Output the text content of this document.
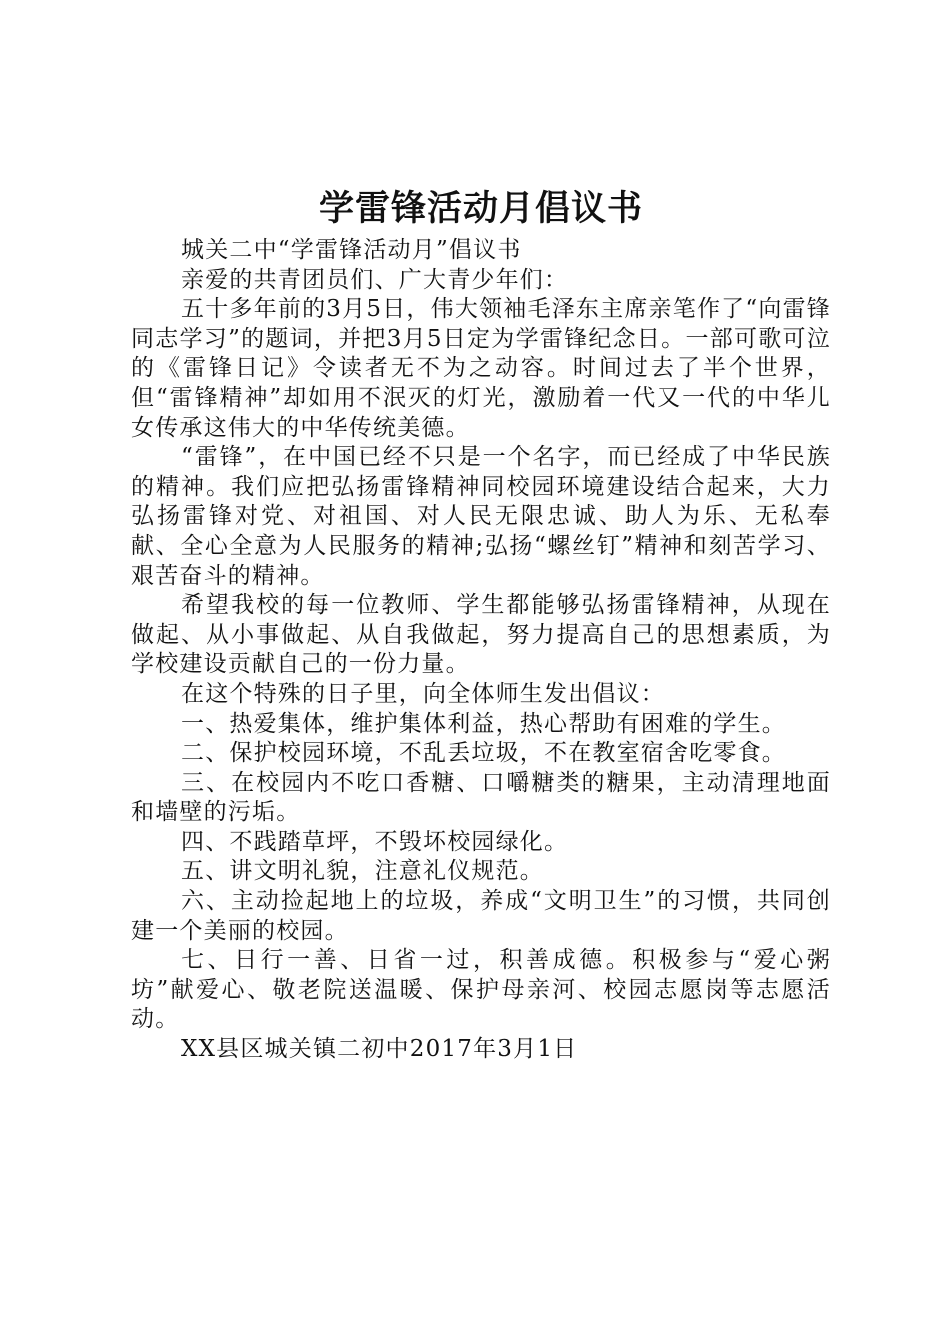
学雷锋活动月倡议书

城关二中“学雷锋活动月”倡议书

亲爱的共青团员们、广大青少年们：

五十多年前的3月5日，伟大领袖毛泽东主席亲笔作了“向雷锋同志学习”的题词，并把3月5日定为学雷锋纪念日。一部可歌可泣的《雷锋日记》令读者无不为之动容。时间过去了半个世界，但“雷锋精神”却如用不泯灭的灯光，激励着一代又一代的中华儿女传承这伟大的中华传统美德。

“雷锋”，在中国已经不只是一个名字，而已经成了中华民族的精神。我们应把弘扬雷锋精神同校园环境建设结合起来，大力弘扬雷锋对党、对祖国、对人民无限忠诚、助人为乐、无私奉献、全心全意为人民服务的精神;弘扬“螺丝钉”精神和刻苦学习、艰苦奋斗的精神。

希望我校的每一位教师、学生都能够弘扬雷锋精神，从现在做起、从小事做起、从自我做起，努力提高自己的思想素质，为学校建设贡献自己的一份力量。

在这个特殊的日子里，向全体师生发出倡议：

一、热爱集体，维护集体利益，热心帮助有困难的学生。

二、保护校园环境，不乱丢垃圾，不在教室宿舍吃零食。

三、在校园内不吃口香糖、口嚼糖类的糖果，主动清理地面和墙壁的污垢。

四、不践踏草坪，不毁坏校园绿化。

五、讲文明礼貌，注意礼仪规范。

六、主动捡起地上的垃圾，养成“文明卫生”的习惯，共同创建一个美丽的校园。

七、日行一善、日省一过，积善成德。积极参与“爱心粥坊”献爱心、敬老院送温暖、保护母亲河、校园志愿岗等志愿活动。

XX县区城关镇二初中2017年3月1日
